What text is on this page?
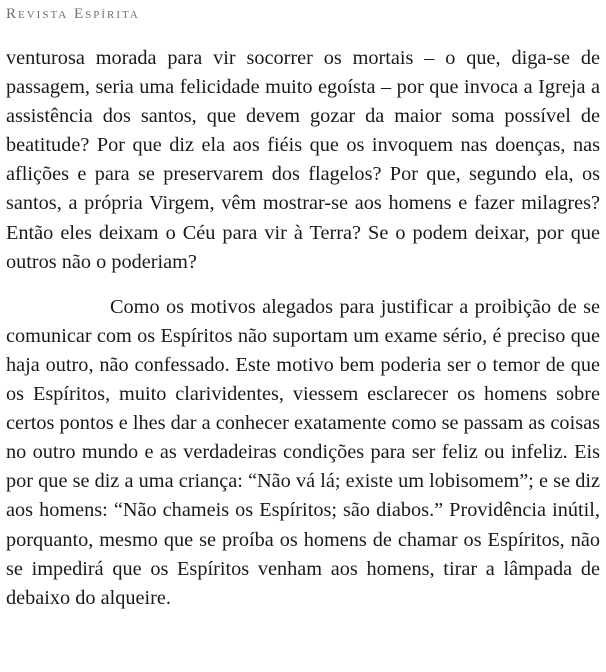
Revista Espírita

venturosa morada para vir socorrer os mortais – o que, diga-se de passagem, seria uma felicidade muito egoísta – por que invoca a Igreja a assistência dos santos, que devem gozar da maior soma possível de beatitude? Por que diz ela aos fiéis que os invoquem nas doenças, nas aflições e para se preservarem dos flagelos? Por que, segundo ela, os santos, a própria Virgem, vêm mostrar-se aos homens e fazer milagres? Então eles deixam o Céu para vir à Terra? Se o podem deixar, por que outros não o poderiam?

Como os motivos alegados para justificar a proibição de se comunicar com os Espíritos não suportam um exame sério, é preciso que haja outro, não confessado. Este motivo bem poderia ser o temor de que os Espíritos, muito clarividentes, viessem esclarecer os homens sobre certos pontos e lhes dar a conhecer exatamente como se passam as coisas no outro mundo e as verdadeiras condições para ser feliz ou infeliz. Eis por que se diz a uma criança: “Não vá lá; existe um lobisomem”; e se diz aos homens: “Não chameis os Espíritos; são diabos.” Providência inútil, porquanto, mesmo que se proíba os homens de chamar os Espíritos, não se impedirá que os Espíritos venham aos homens, tirar a lâmpada de debaixo do alqueire.
